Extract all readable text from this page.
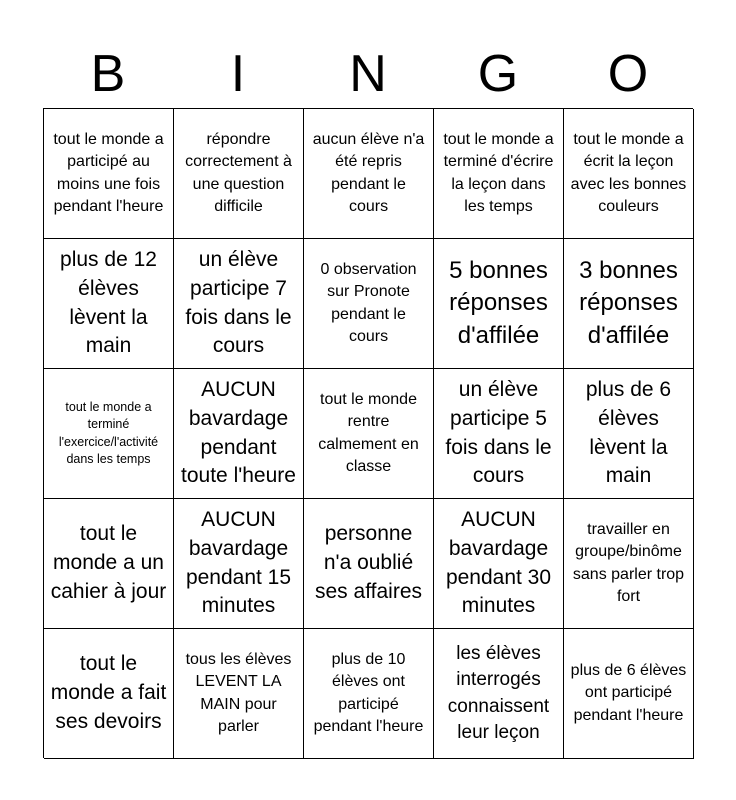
B	I	N	G	O
tout le monde a participé au moins une fois pendant l'heure
répondre correctement à une question difficile
aucun élève n'a été repris pendant le cours
tout le monde a terminé d'écrire la leçon dans les temps
tout le monde a écrit la leçon avec les bonnes couleurs
plus de 12 élèves lèvent la main
un élève participe 7 fois dans le cours
0 observation sur Pronote pendant le cours
5 bonnes réponses d'affilée
3 bonnes réponses d'affilée
tout le monde a terminé l'exercice/l'activité dans les temps
AUCUN bavardage pendant toute l'heure
tout le monde rentre calmement en classe
un élève participe 5 fois dans le cours
plus de 6 élèves lèvent la main
tout le monde a un cahier à jour
AUCUN bavardage pendant 15 minutes
personne n'a oublié ses affaires
AUCUN bavardage pendant 30 minutes
travailler en groupe/binôme sans parler trop fort
tout le monde a fait ses devoirs
tous les élèves LEVENT LA MAIN pour parler
plus de 10 élèves ont participé pendant l'heure
les élèves interrogés connaissent leur leçon
plus de 6 élèves ont participé pendant l'heure
